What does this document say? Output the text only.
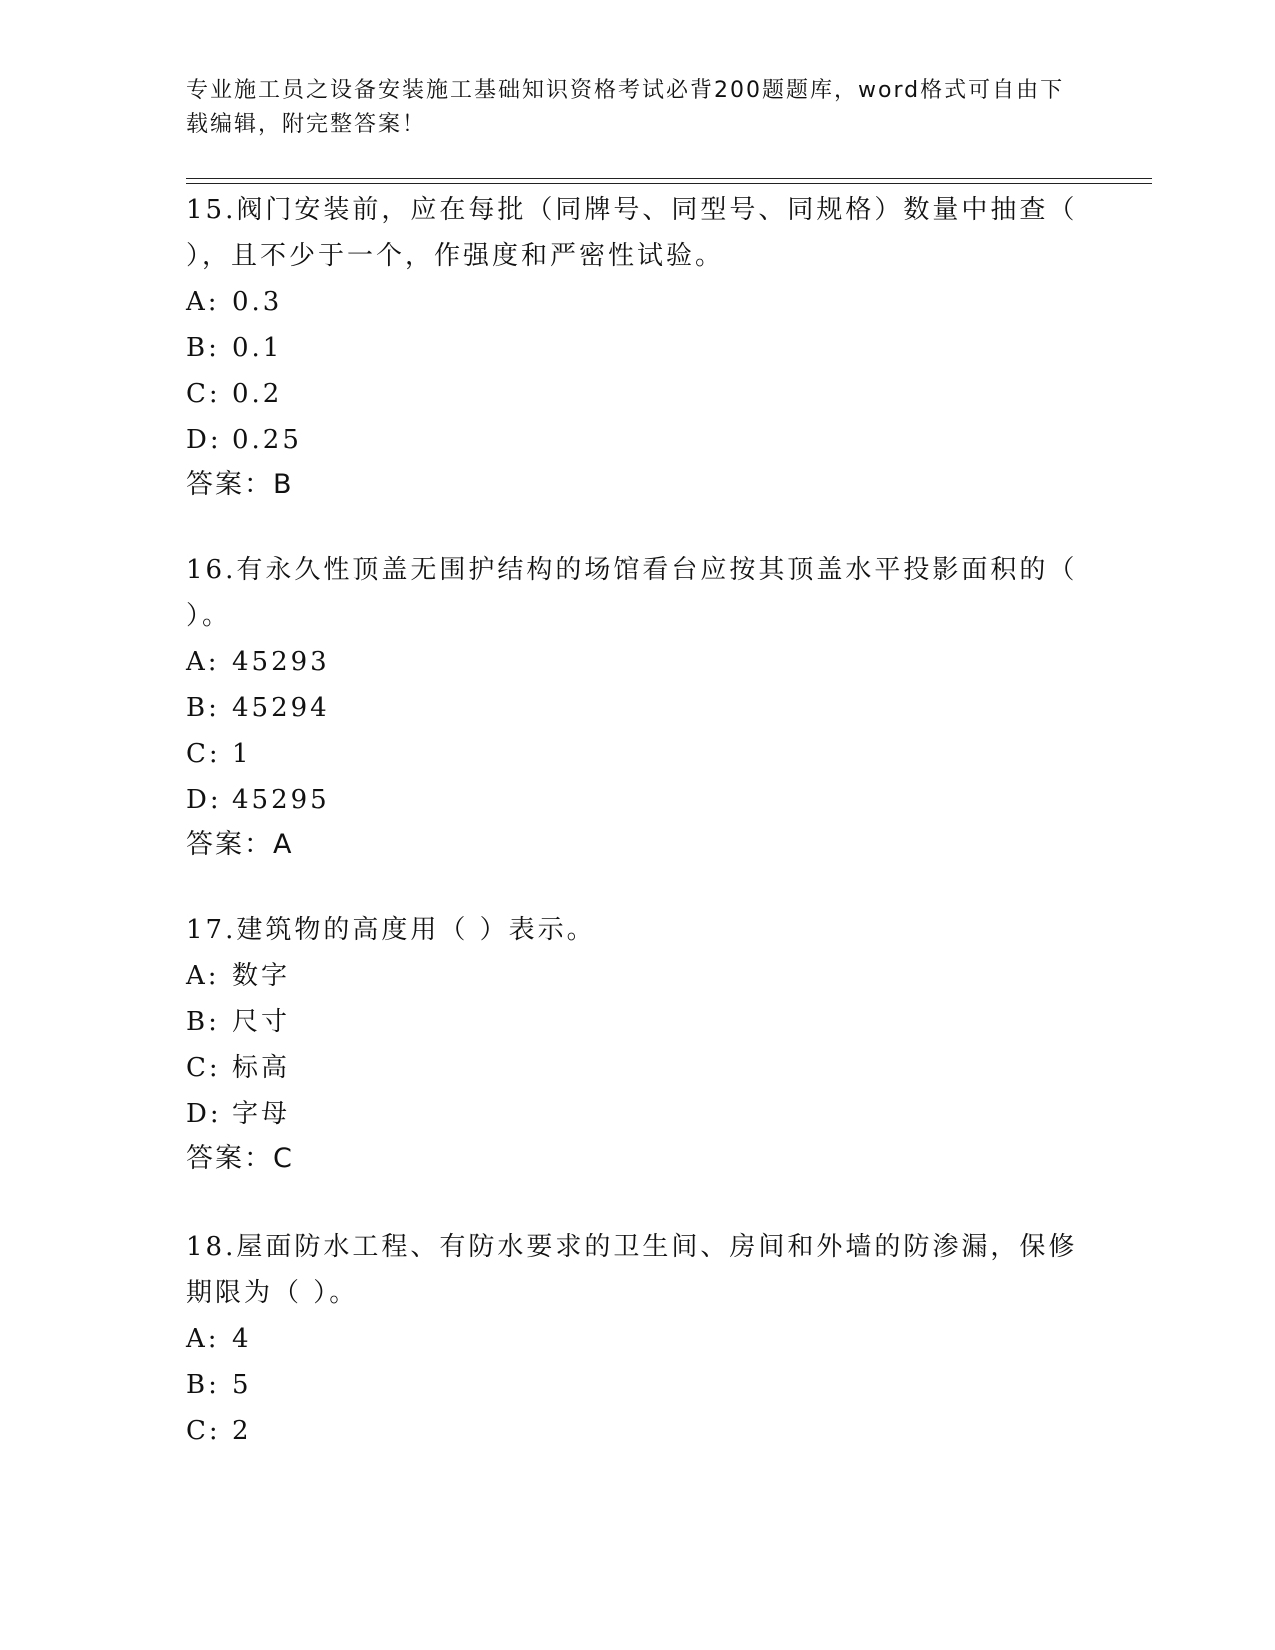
专业施工员之设备安装施工基础知识资格考试必背200题题库，word格式可自由下载编辑，附完整答案！
15.阀门安装前，应在每批（同牌号、同型号、同规格）数量中抽查（ ），且不少于一个，作强度和严密性试验。
A: 0.3
B: 0.1
C: 0.2
D: 0.25
答案：B
16.有永久性顶盖无围护结构的场馆看台应按其顶盖水平投影面积的（ ）。
A: 45293
B: 45294
C: 1
D: 45295
答案：A
17.建筑物的高度用（ ）表示。
A: 数字
B: 尺寸
C: 标高
D: 字母
答案：C
18.屋面防水工程、有防水要求的卫生间、房间和外墙的防渗漏，保修期限为（ ）。
A: 4
B: 5
C: 2
